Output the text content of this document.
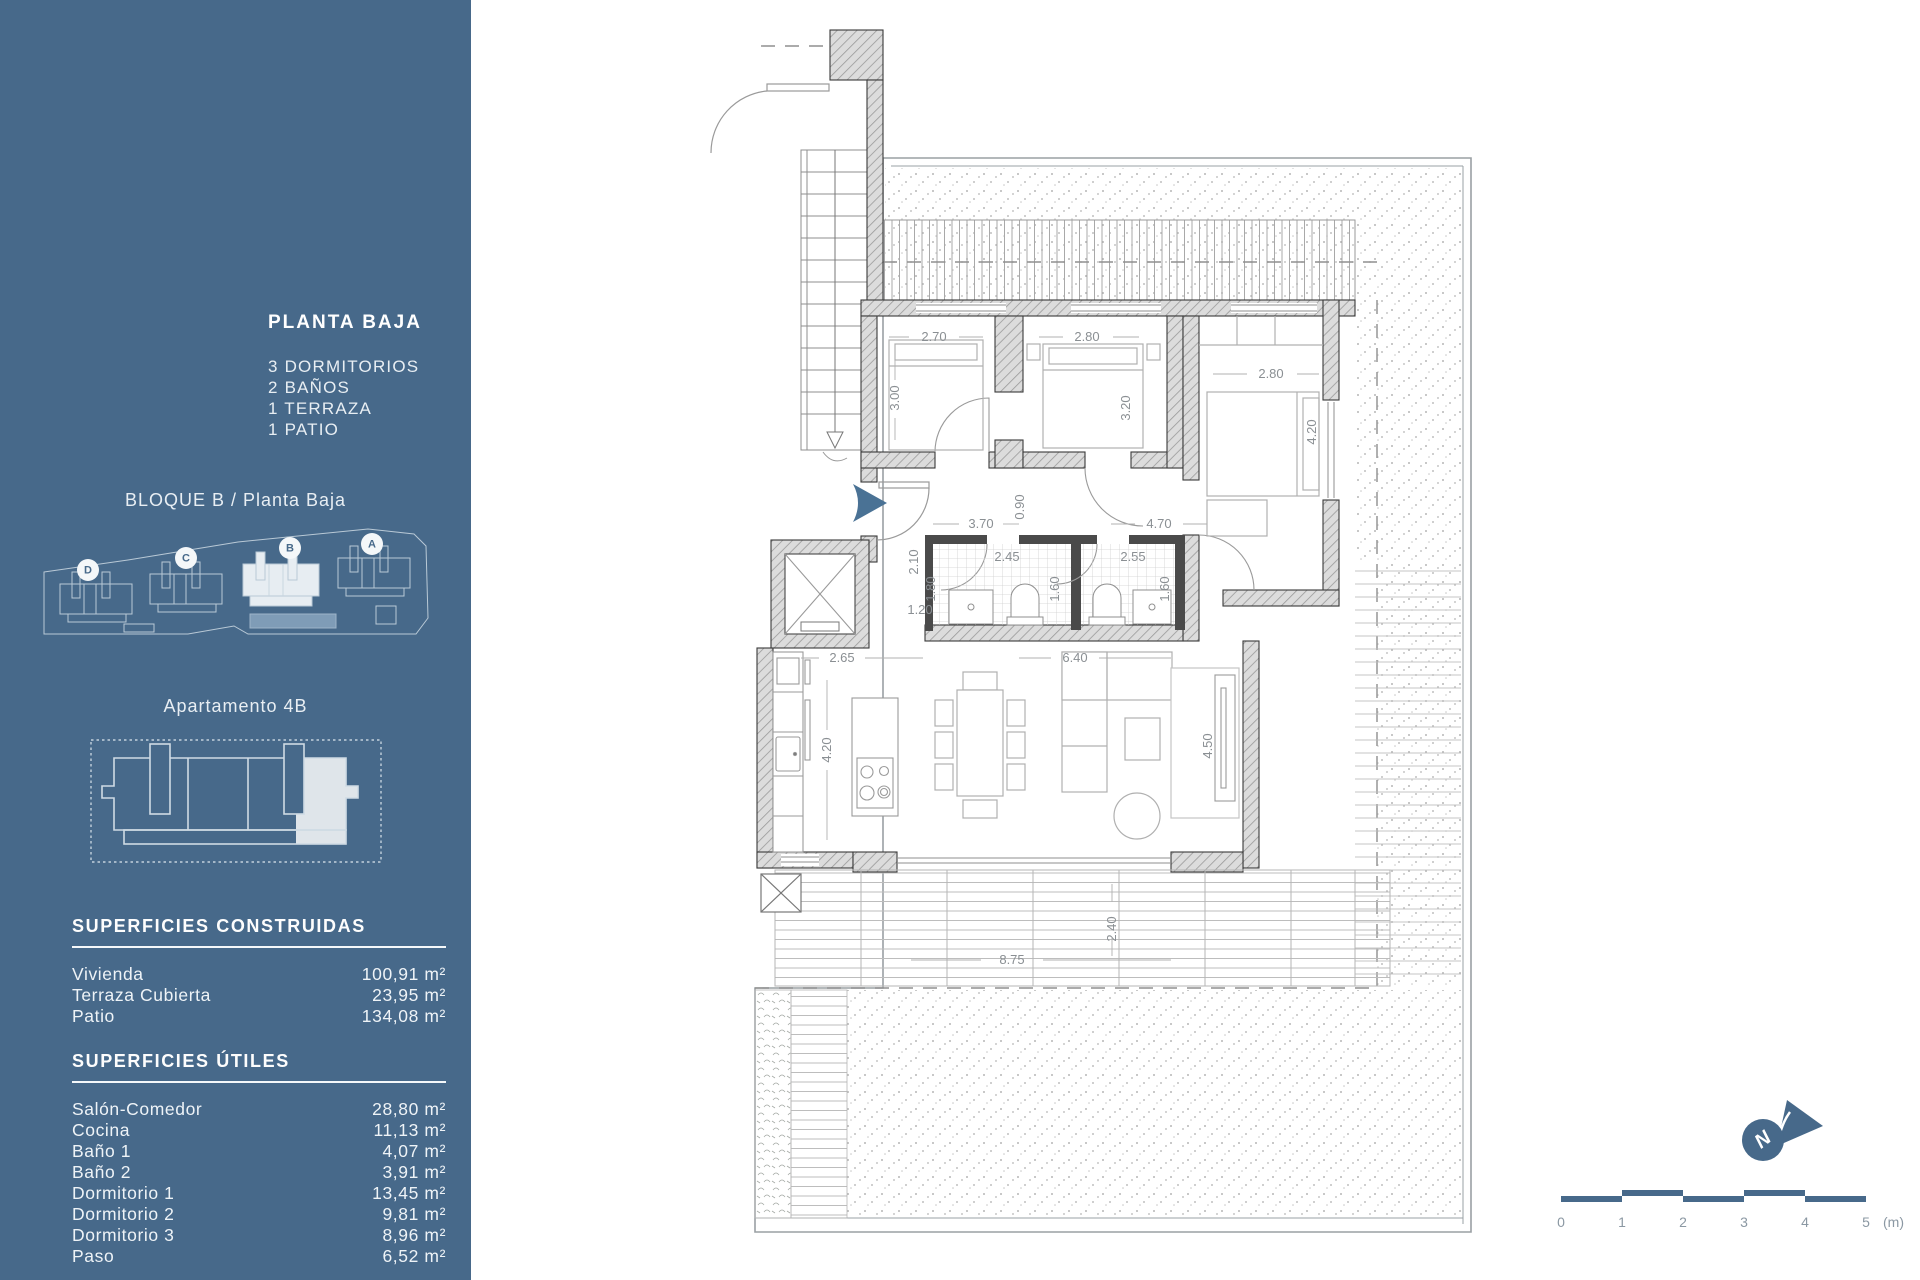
PLANTA BAJA
3 DORMITORIOS
2 BAÑOS
1 TERRAZA
1 PATIO
BLOQUE B / Planta Baja
D
C
B	A
Apartamento 4B
SUPERFICIES CONSTRUIDAS
Vivienda	100,91 m²
Terraza Cubierta	23,95 m²
Patio	134,08 m²
SUPERFICIES ÚTILES
Salón-Comedor	28,80 m²
Cocina	11,13 m²
Baño 1	4,07 m²
Baño 2	3,91 m²
Dormitorio 1	13,45 m²
Dormitorio 2	9,81 m²
Dormitorio 3	8,96 m²
Paso	6,52 m²
2.70	2.80
2.80
3.00	3.20
4.20
3.70
0.90
4.70
2.45	2.55
2.10
1.80	1.60	1.60
1.20
2.65
4.20
6.40
4.50
8.75
2.40
N
0	1	2	3	4	5 (m)
